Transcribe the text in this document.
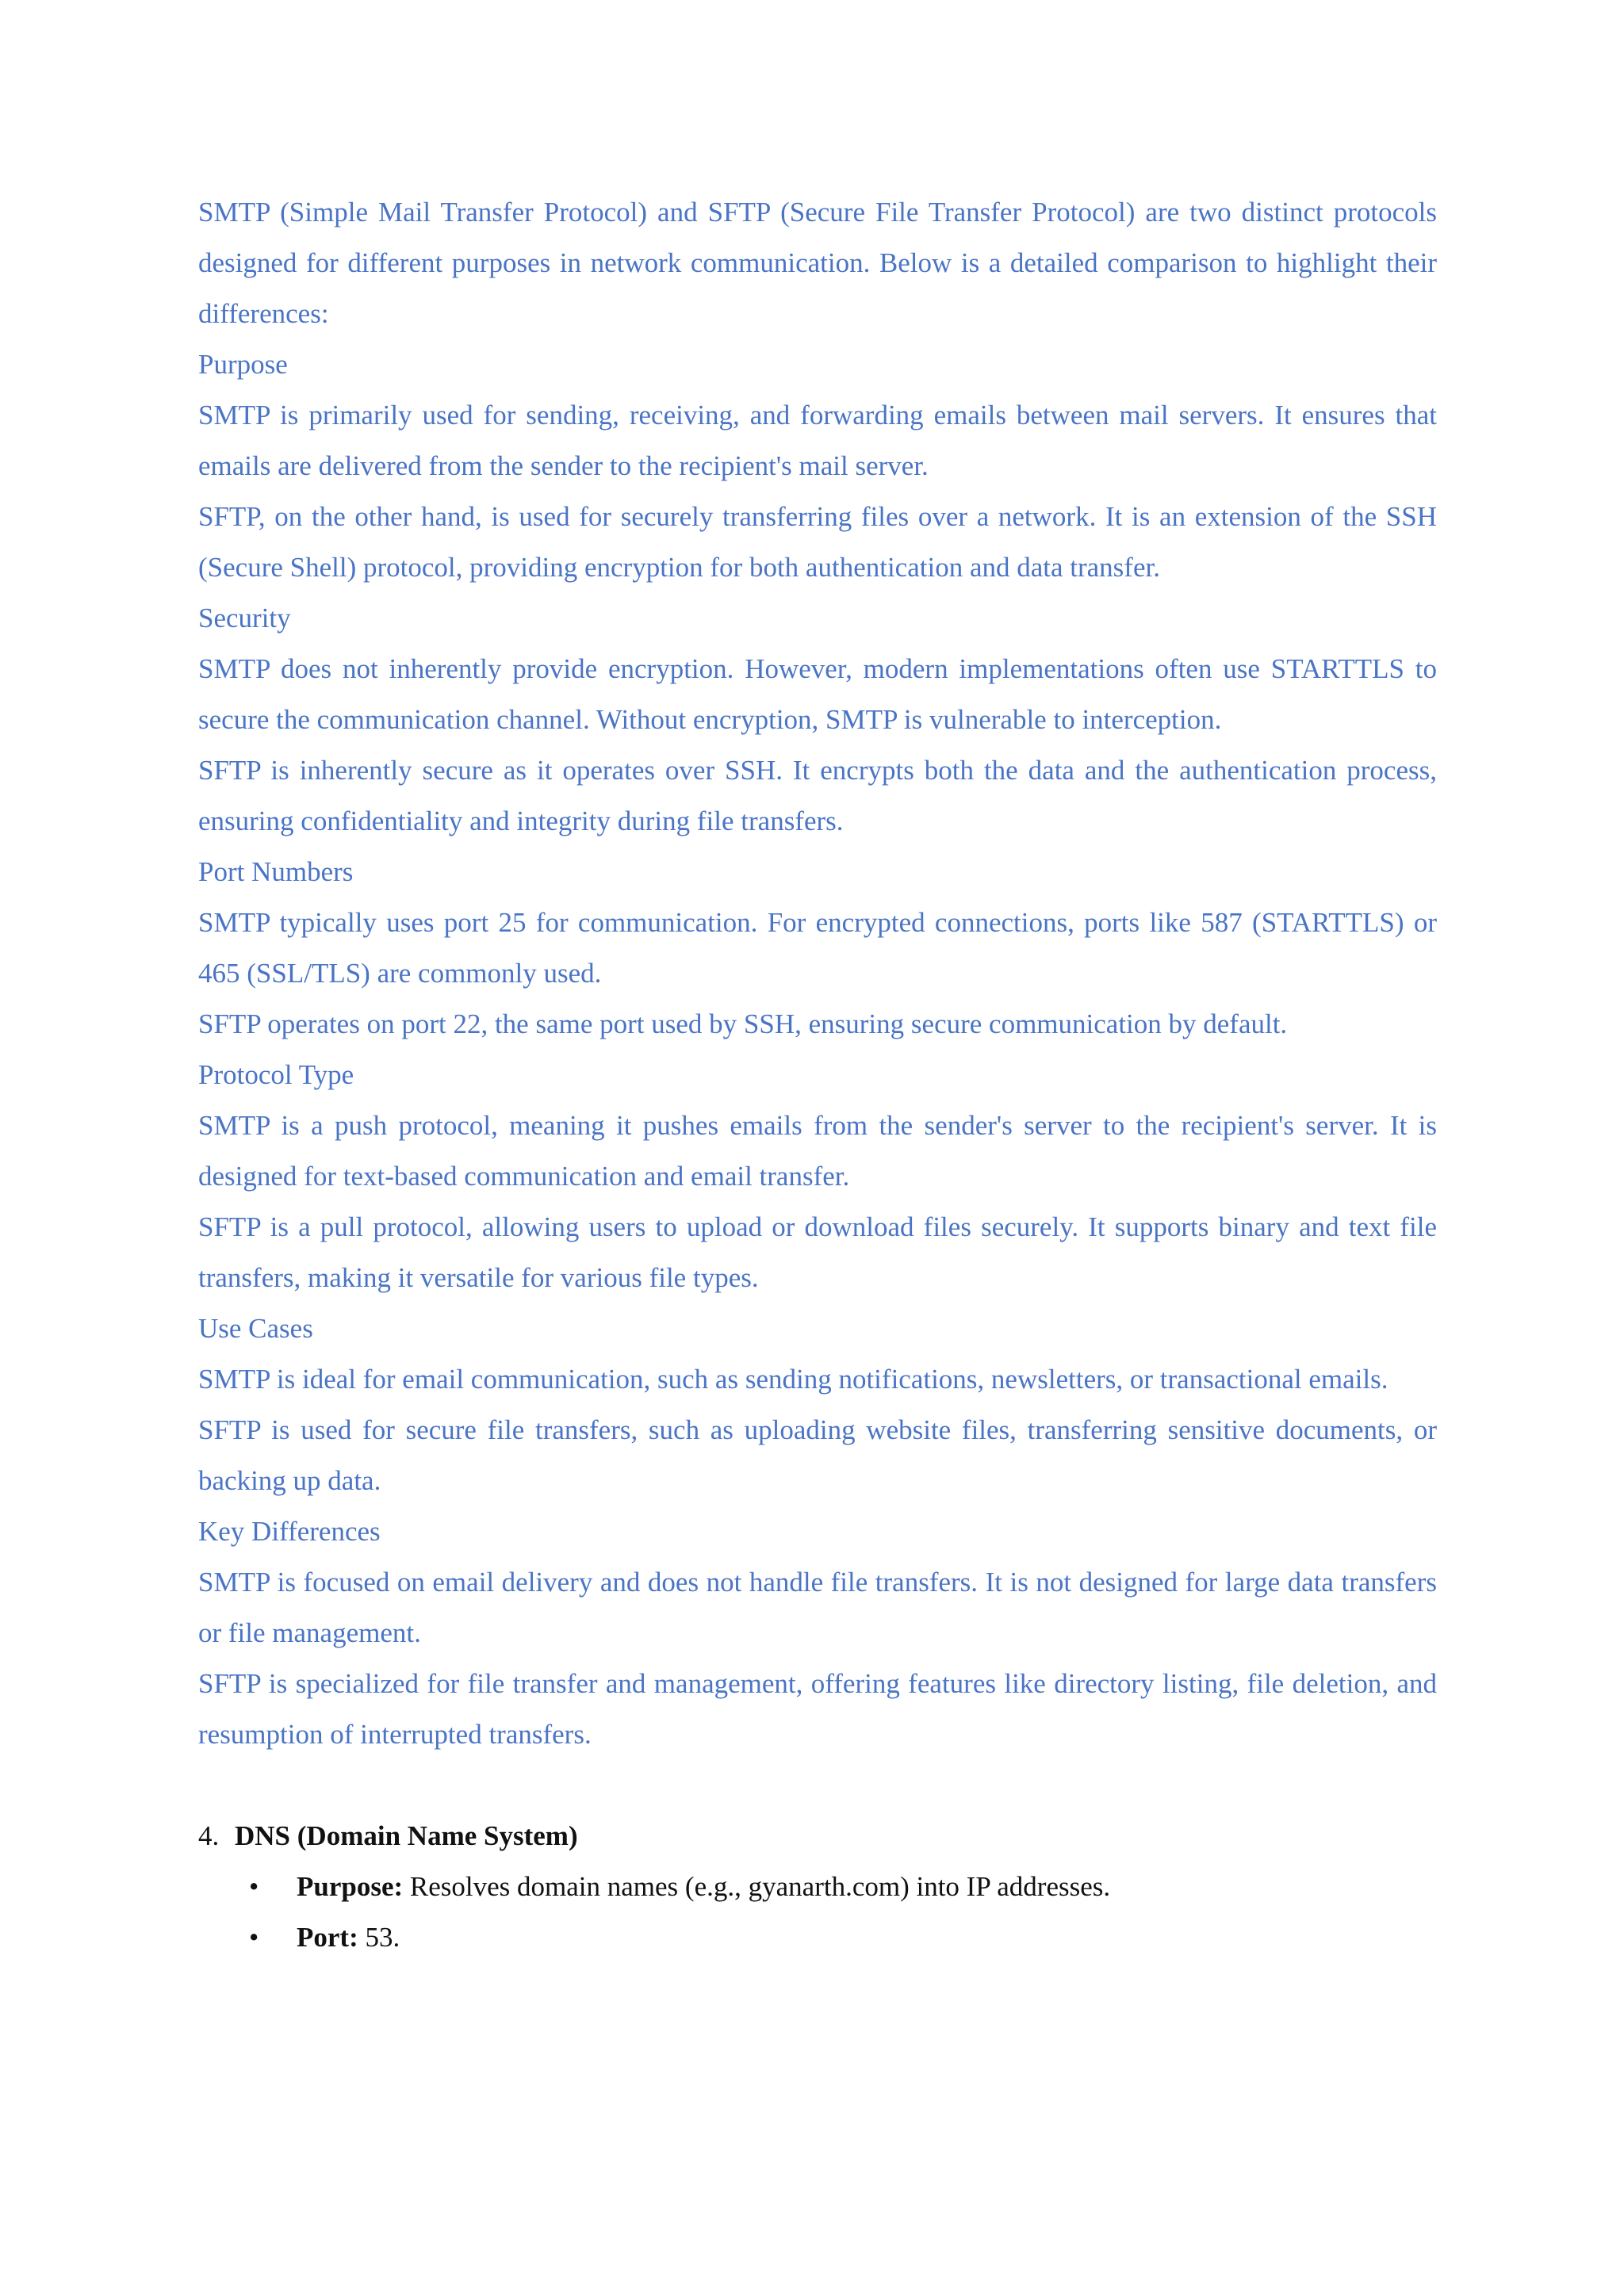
SMTP (Simple Mail Transfer Protocol) and SFTP (Secure File Transfer Protocol) are two distinct protocols designed for different purposes in network communication. Below is a detailed comparison to highlight their differences:

Purpose

SMTP is primarily used for sending, receiving, and forwarding emails between mail servers. It ensures that emails are delivered from the sender to the recipient's mail server.

SFTP, on the other hand, is used for securely transferring files over a network. It is an extension of the SSH (Secure Shell) protocol, providing encryption for both authentication and data transfer.

Security

SMTP does not inherently provide encryption. However, modern implementations often use STARTTLS to secure the communication channel. Without encryption, SMTP is vulnerable to interception.

SFTP is inherently secure as it operates over SSH. It encrypts both the data and the authentication process, ensuring confidentiality and integrity during file transfers.

Port Numbers

SMTP typically uses port 25 for communication. For encrypted connections, ports like 587 (STARTTLS) or 465 (SSL/TLS) are commonly used.

SFTP operates on port 22, the same port used by SSH, ensuring secure communication by default.

Protocol Type

SMTP is a push protocol, meaning it pushes emails from the sender's server to the recipient's server. It is designed for text-based communication and email transfer.

SFTP is a pull protocol, allowing users to upload or download files securely. It supports binary and text file transfers, making it versatile for various file types.

Use Cases

SMTP is ideal for email communication, such as sending notifications, newsletters, or transactional emails.

SFTP is used for secure file transfers, such as uploading website files, transferring sensitive documents, or backing up data.

Key Differences

SMTP is focused on email delivery and does not handle file transfers. It is not designed for large data transfers or file management.

SFTP is specialized for file transfer and management, offering features like directory listing, file deletion, and resumption of interrupted transfers.

4. DNS (Domain Name System)

• Purpose: Resolves domain names (e.g., gyanarth.com) into IP addresses.
• Port: 53.
